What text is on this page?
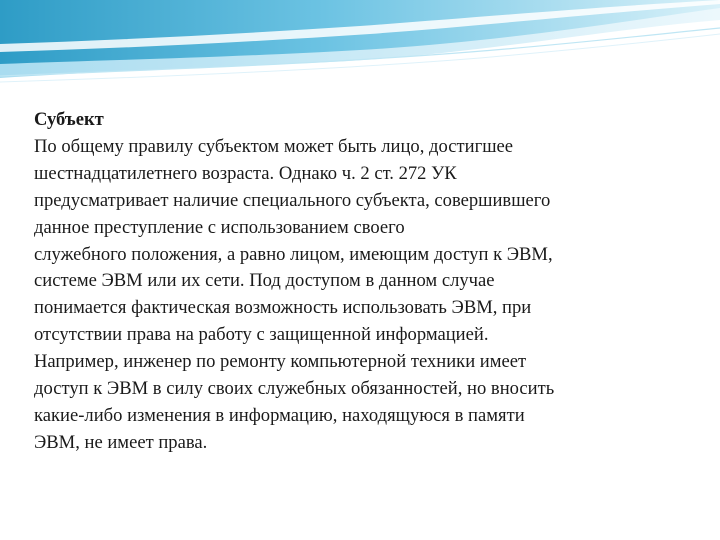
Субъект

По общему правилу субъектом может быть лицо, достигшее
шестнадцатилетнего возраста. Однако ч. 2 ст. 272 УК
предусматривает наличие специального субъекта, совершившего
данное преступление с использованием своего
служебного положения, а равно лицом, имеющим доступ к ЭВМ,
системе ЭВМ или их сети. Под доступом в данном случае
понимается фактическая возможность использовать ЭВМ, при
отсутствии права на работу с защищенной информацией.
Например, инженер по ремонту компьютерной техники имеет
доступ к ЭВМ в силу своих служебных обязанностей, но вносить
какие-либо изменения в информацию, находящуюся в памяти
ЭВМ, не имеет права.
